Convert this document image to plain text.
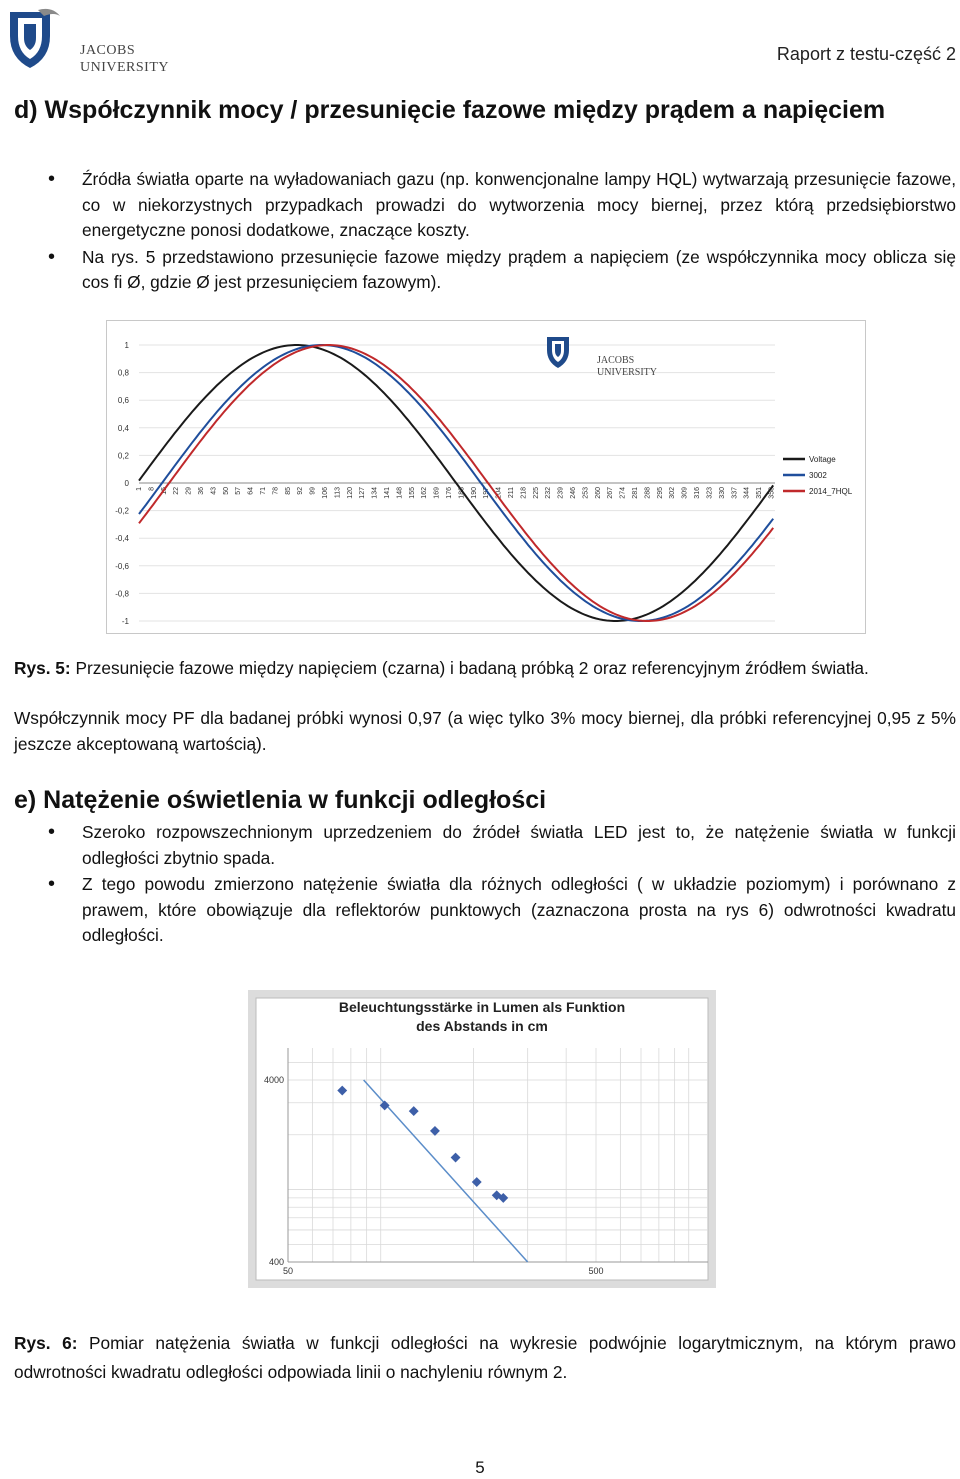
JACOBS
UNIVERSITY
Raport z testu-część 2
d) Współczynnik mocy / przesunięcie fazowe między prądem a napięciem
• Źródła światła oparte na wyładowaniach gazu (np. konwencjonalne lampy HQL) wytwarzają przesunięcie fazowe, co w niekorzystnych przypadkach prowadzi do wytworzenia mocy biernej, przez którą przedsiębiorstwo energetyczne ponosi dodatkowe, znaczące koszty.
• Na rys. 5 przedstawiono przesunięcie fazowe między prądem a napięciem (ze współczynnika mocy oblicza się cos fi Ø, gdzie Ø jest przesunięciem fazowym).
1
0,8
0,6
0,4
0,2
0
-0,2
-0,4
-0,6
-0,8
-1
1 8 15 22 29 36 43 50 57 64 71 78 85 92 99 106 113 120 127 134 141 148 155 162 169 176 183 190 197 204 211 218 225 232 239 246 253 260 267 274 281 288 295 302 309 316 323 330 337 344 351 358
Voltage
3002
2014_7HQL
JACOBS
UNIVERSITY

Rys. 5: Przesunięcie fazowe między napięciem (czarna) i badaną próbką 2 oraz referencyjnym źródłem światła.

Współczynnik mocy PF dla badanej próbki wynosi 0,97 (a więc tylko 3% mocy biernej, dla próbki referencyjnej 0,95 z 5% jeszcze akceptowaną wartością).

e) Natężenie oświetlenia w funkcji odległości
• Szeroko rozpowszechnionym uprzedzeniem do źródeł światła LED jest to, że natężenie światła w funkcji odległości zbytnio spada.
• Z tego powodu zmierzono natężenie światła dla różnych odległości ( w układzie poziomym) i porównano z prawem, które obowiązuje dla reflektorów punktowych (zaznaczona prosta na rys 6) odwrotności kwadratu odległości.
Beleuchtungsstärke in Lumen als Funktion
des Abstands in cm
50	500
4000
400

Rys. 6: Pomiar natężenia światła w funkcji odległości na wykresie podwójnie logarytmicznym, na którym prawo odwrotności kwadratu odległości odpowiada linii o nachyleniu równym 2.

5
